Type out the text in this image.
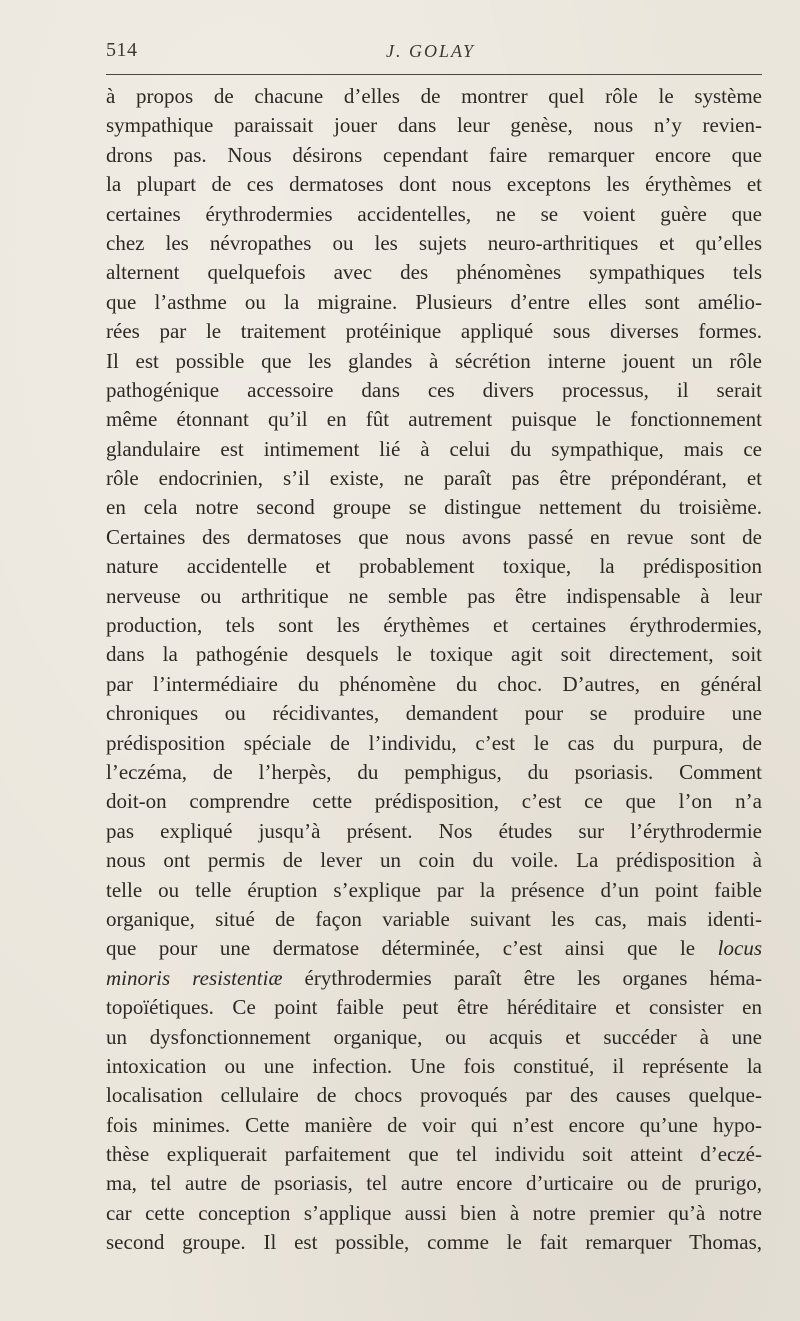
514	J. GOLAY
à propos de chacune d’elles de montrer quel rôle le système
sympathique paraissait jouer dans leur genèse, nous n’y revien-
drons pas. Nous désirons cependant faire remarquer encore que
la plupart de ces dermatoses dont nous exceptons les érythèmes et
certaines érythrodermies accidentelles, ne se voient guère que
chez les névropathes ou les sujets neuro-arthritiques et qu’elles
alternent quelquefois avec des phénomènes sympathiques tels
que l’asthme ou la migraine. Plusieurs d’entre elles sont amélio-
rées par le traitement protéinique appliqué sous diverses formes.
Il est possible que les glandes à sécrétion interne jouent un rôle
pathogénique accessoire dans ces divers processus, il serait
même étonnant qu’il en fût autrement puisque le fonctionnement
glandulaire est intimement lié à celui du sympathique, mais ce
rôle endocrinien, s’il existe, ne paraît pas être prépondérant, et
en cela notre second groupe se distingue nettement du troisième.
Certaines des dermatoses que nous avons passé en revue sont de
nature accidentelle et probablement toxique, la prédisposition
nerveuse ou arthritique ne semble pas être indispensable à leur
production, tels sont les érythèmes et certaines érythrodermies,
dans la pathogénie desquels le toxique agit soit directement, soit
par l’intermédiaire du phénomène du choc. D’autres, en général
chroniques ou récidivantes, demandent pour se produire une
prédisposition spéciale de l’individu, c’est le cas du purpura, de
l’eczéma, de l’herpès, du pemphigus, du psoriasis. Comment
doit-on comprendre cette prédisposition, c’est ce que l’on n’a
pas expliqué jusqu’à présent. Nos études sur l’érythrodermie
nous ont permis de lever un coin du voile. La prédisposition à
telle ou telle éruption s’explique par la présence d’un point faible
organique, situé de façon variable suivant les cas, mais identi-
que pour une dermatose déterminée, c’est ainsi que le locus
minoris resistentiæ érythrodermies paraît être les organes héma-
topoïétiques. Ce point faible peut être héréditaire et consister en
un dysfonctionnement organique, ou acquis et succéder à une
intoxication ou une infection. Une fois constitué, il représente la
localisation cellulaire de chocs provoqués par des causes quelque-
fois minimes. Cette manière de voir qui n’est encore qu’une hypo-
thèse expliquerait parfaitement que tel individu soit atteint d’eczé-
ma, tel autre de psoriasis, tel autre encore d’urticaire ou de prurigo,
car cette conception s’applique aussi bien à notre premier qu’à notre
second groupe. Il est possible, comme le fait remarquer Thomas,
